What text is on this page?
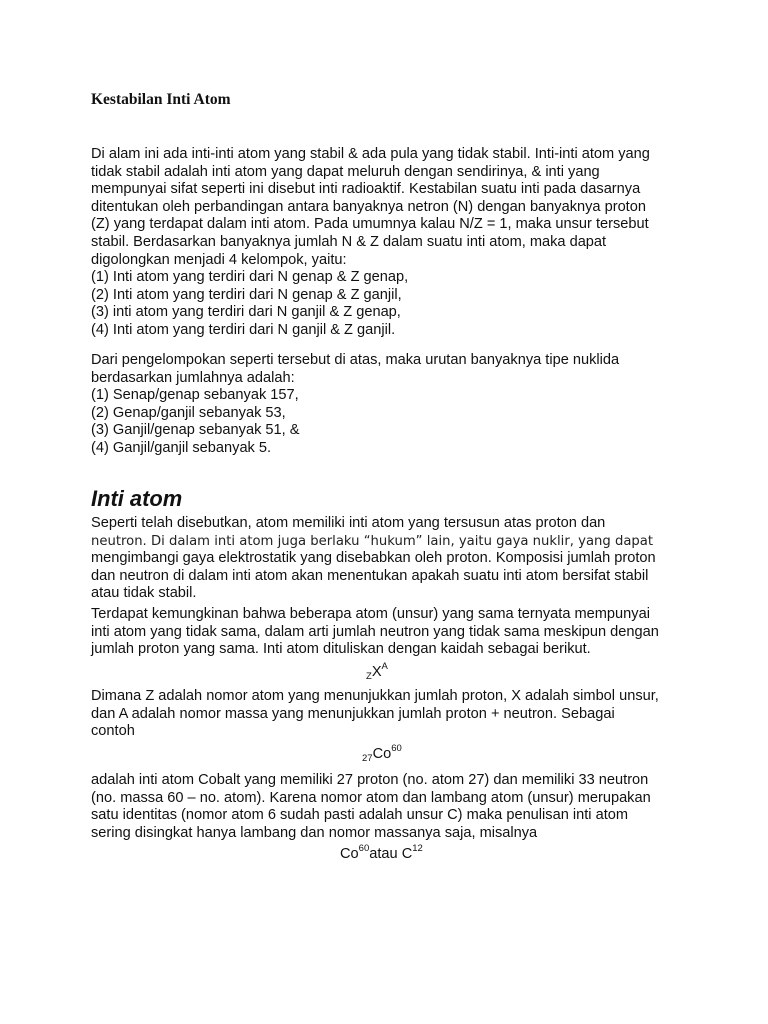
Kestabilan Inti Atom
Di alam ini ada inti-inti atom yang stabil & ada pula yang tidak stabil. Inti-inti atom yang
tidak stabil adalah inti atom yang dapat meluruh dengan sendirinya, & inti yang
mempunyai sifat seperti ini disebut inti radioaktif. Kestabilan suatu inti pada dasarnya
ditentukan oleh perbandingan antara banyaknya netron (N) dengan banyaknya proton
(Z) yang terdapat dalam inti atom. Pada umumnya kalau N/Z = 1, maka unsur tersebut
stabil. Berdasarkan banyaknya jumlah N & Z dalam suatu inti atom, maka dapat
digolongkan menjadi 4 kelompok, yaitu:
(1) Inti atom yang terdiri dari N genap & Z genap,
(2) Inti atom yang terdiri dari N genap & Z ganjil,
(3) inti atom yang terdiri dari N ganjil & Z genap,
(4) Inti atom yang terdiri dari N ganjil & Z ganjil.
Dari pengelompokan seperti tersebut di atas, maka urutan banyaknya tipe nuklida
berdasarkan jumlahnya adalah:
(1) Senap/genap sebanyak 157,
(2) Genap/ganjil sebanyak 53,
(3) Ganjil/genap sebanyak 51, &
(4) Ganjil/ganjil sebanyak 5.
Inti atom
Seperti telah disebutkan, atom memiliki inti atom yang tersusun atas proton dan
neutron. Di dalam inti atom juga berlaku “hukum” lain, yaitu gaya nuklir, yang dapat
mengimbangi gaya elektrostatik yang disebabkan oleh proton. Komposisi jumlah proton
dan neutron di dalam inti atom akan menentukan apakah suatu inti atom bersifat stabil
atau tidak stabil.
Terdapat kemungkinan bahwa beberapa atom (unsur) yang sama ternyata mempunyai
inti atom yang tidak sama, dalam arti jumlah neutron yang tidak sama meskipun dengan
jumlah proton yang sama. Inti atom dituliskan dengan kaidah sebagai berikut.
$_ZX^A$
Dimana Z adalah nomor atom yang menunjukkan jumlah proton, X adalah simbol unsur,
dan A adalah nomor massa yang menunjukkan jumlah proton + neutron. Sebagai
contoh
$_{27}Co^{60}$
adalah inti atom Cobalt yang memiliki 27 proton (no. atom 27) dan memiliki 33 neutron
(no. massa 60 – no. atom). Karena nomor atom dan lambang atom (unsur) merupakan
satu identitas (nomor atom 6 sudah pasti adalah unsur C) maka penulisan inti atom
sering disingkat hanya lambang dan nomor massanya saja, misalnya
Co$^{60}$atau $C^{12}$
